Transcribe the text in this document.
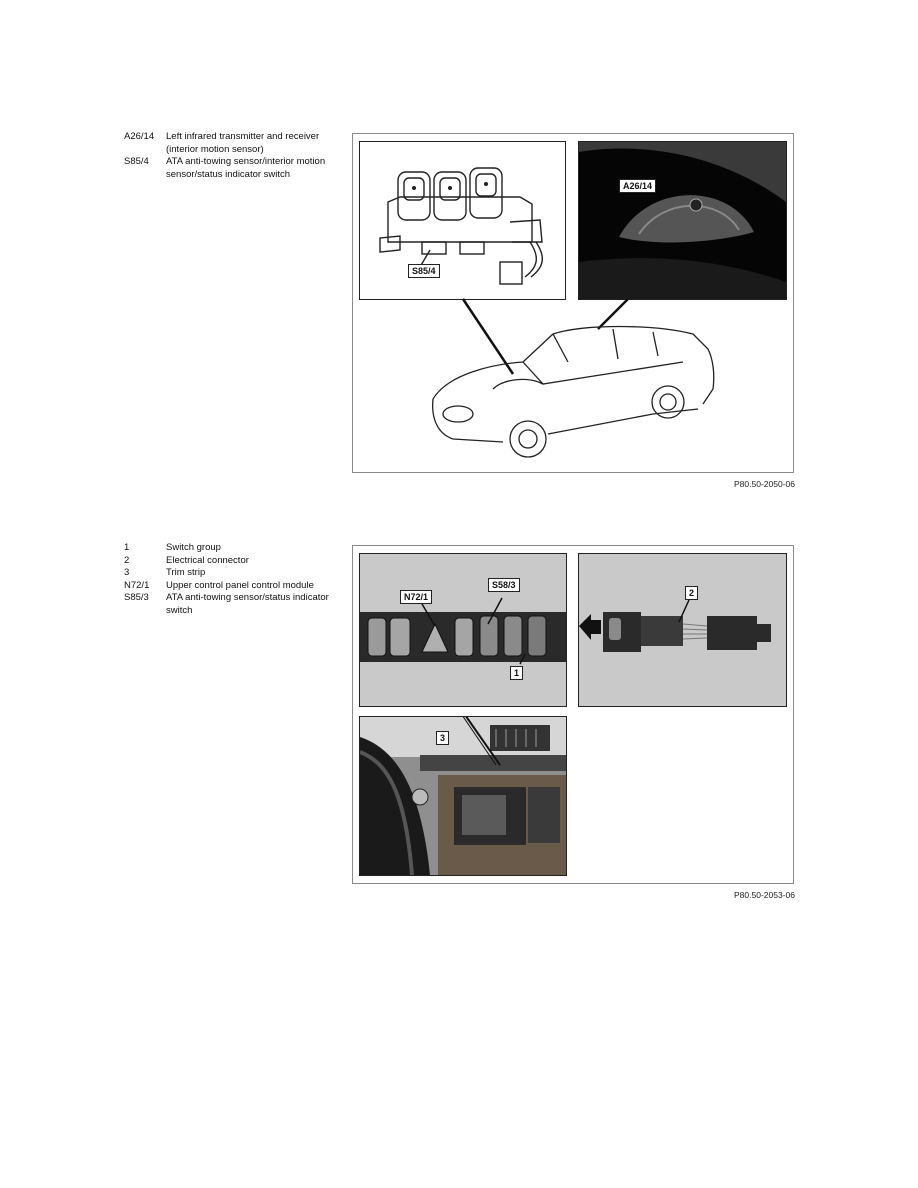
A26/14	Left infrared transmitter and receiver (interior motion sensor)
S85/4	ATA anti-towing sensor/interior motion sensor/status indicator switch
S85/4
A26/14
P80.50-2050-06
1	Switch group
2	Electrical connector
3	Trim strip
N72/1	Upper control panel control module
S85/3	ATA anti-towing sensor/status indicator switch
N72/1
S58/3
1
2
3
P80.50-2053-06
